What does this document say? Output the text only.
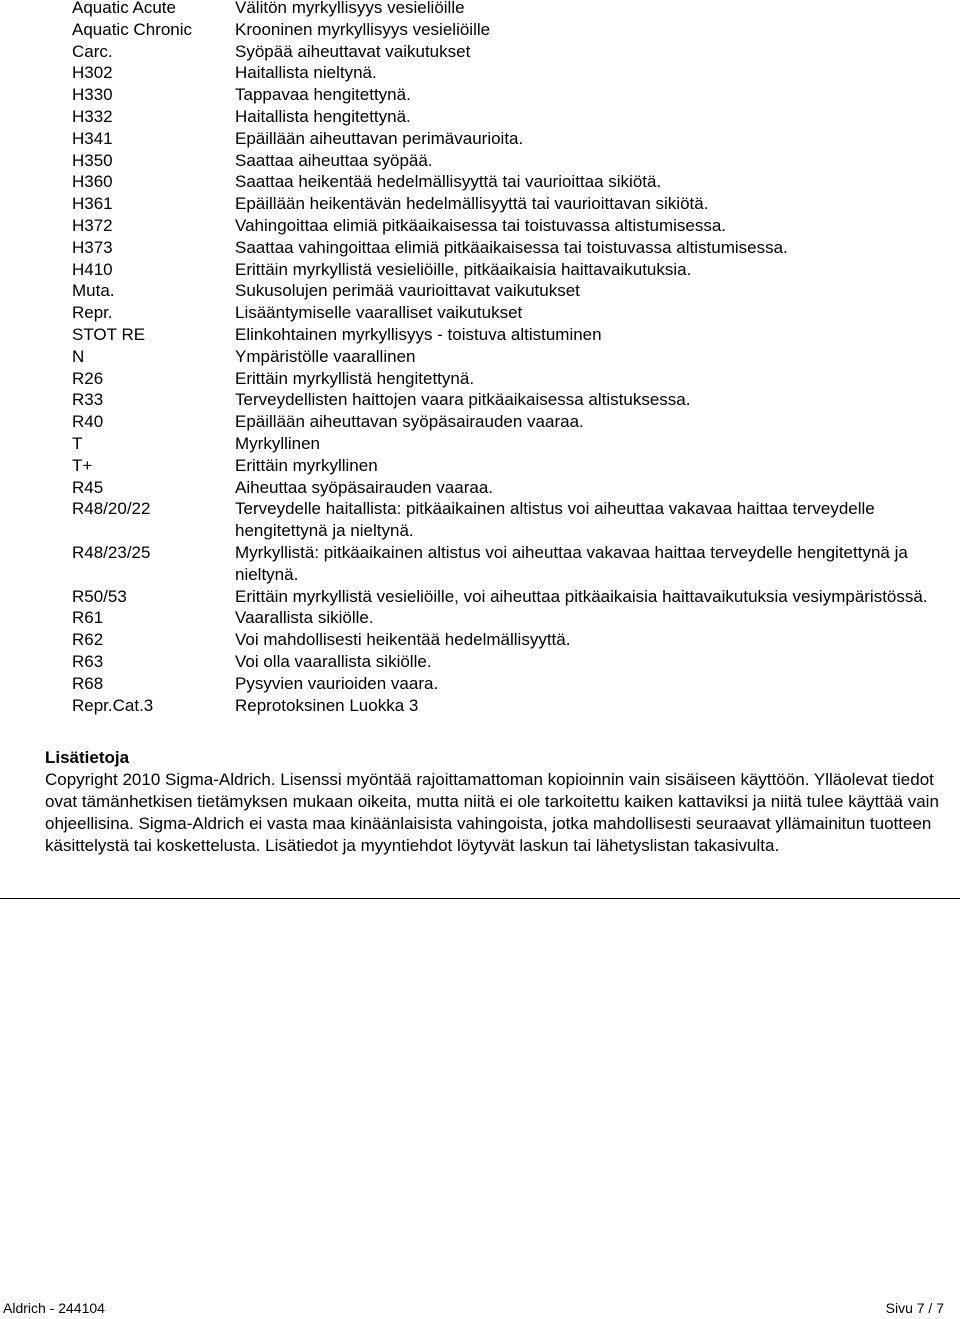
Aquatic Acute	Välitön myrkyllisyys vesieliöille
Aquatic Chronic	Krooninen myrkyllisyys vesieliöille
Carc.	Syöpää aiheuttavat vaikutukset
H302	Haitallista nieltynä.
H330	Tappavaa hengitettynä.
H332	Haitallista hengitettynä.
H341	Epäillään aiheuttavan perimävaurioita.
H350	Saattaa aiheuttaa syöpää.
H360	Saattaa heikentää hedelmällisyyttä tai vaurioittaa sikiötä.
H361	Epäillään heikentävän hedelmällisyyttä tai vaurioittavan sikiötä.
H372	Vahingoittaa elimiä pitkäaikaisessa tai toistuvassa altistumisessa.
H373	Saattaa vahingoittaa elimiä pitkäaikaisessa tai toistuvassa altistumisessa.
H410	Erittäin myrkyllistä vesieliöille, pitkäaikaisia haittavaikutuksia.
Muta.	Sukusolujen perimää vaurioittavat vaikutukset
Repr.	Lisääntymiselle vaaralliset vaikutukset
STOT RE	Elinkohtainen myrkyllisyys - toistuva altistuminen
N	Ympäristölle vaarallinen
R26	Erittäin myrkyllistä hengitettynä.
R33	Terveydellisten haittojen vaara pitkäaikaisessa altistuksessa.
R40	Epäillään aiheuttavan syöpäsairauden vaaraa.
T	Myrkyllinen
T+	Erittäin myrkyllinen
R45	Aiheuttaa syöpäsairauden vaaraa.
R48/20/22	Terveydelle haitallista: pitkäaikainen altistus voi aiheuttaa vakavaa haittaa terveydelle hengitettynä ja nieltynä.
R48/23/25	Myrkyllistä: pitkäaikainen altistus voi aiheuttaa vakavaa haittaa terveydelle hengitettynä ja nieltynä.
R50/53	Erittäin myrkyllistä vesieliöille, voi aiheuttaa pitkäaikaisia haittavaikutuksia vesiympäristössä.
R61	Vaarallista sikiölle.
R62	Voi mahdollisesti heikentää hedelmällisyyttä.
R63	Voi olla vaarallista sikiölle.
R68	Pysyvien vaurioiden vaara.
Repr.Cat.3	Reprotoksinen Luokka 3
Lisätietoja
Copyright 2010 Sigma-Aldrich. Lisenssi myöntää rajoittamattoman kopioinnin vain sisäiseen käyttöön. Ylläolevat tiedot ovat tämänhetkisen tietämyksen mukaan oikeita, mutta niitä ei ole tarkoitettu kaiken kattaviksi ja niitä tulee käyttää vain ohjeellisina. Sigma-Aldrich ei vasta maa kinäänlaisista vahingoista, jotka mahdollisesti seuraavat yllämainitun tuotteen käsittelystä tai koskettelusta. Lisätiedot ja myyntiehdot löytyvät laskun tai lähetyslistan takasivulta.
Aldrich - 244104	Sivu 7 / 7
